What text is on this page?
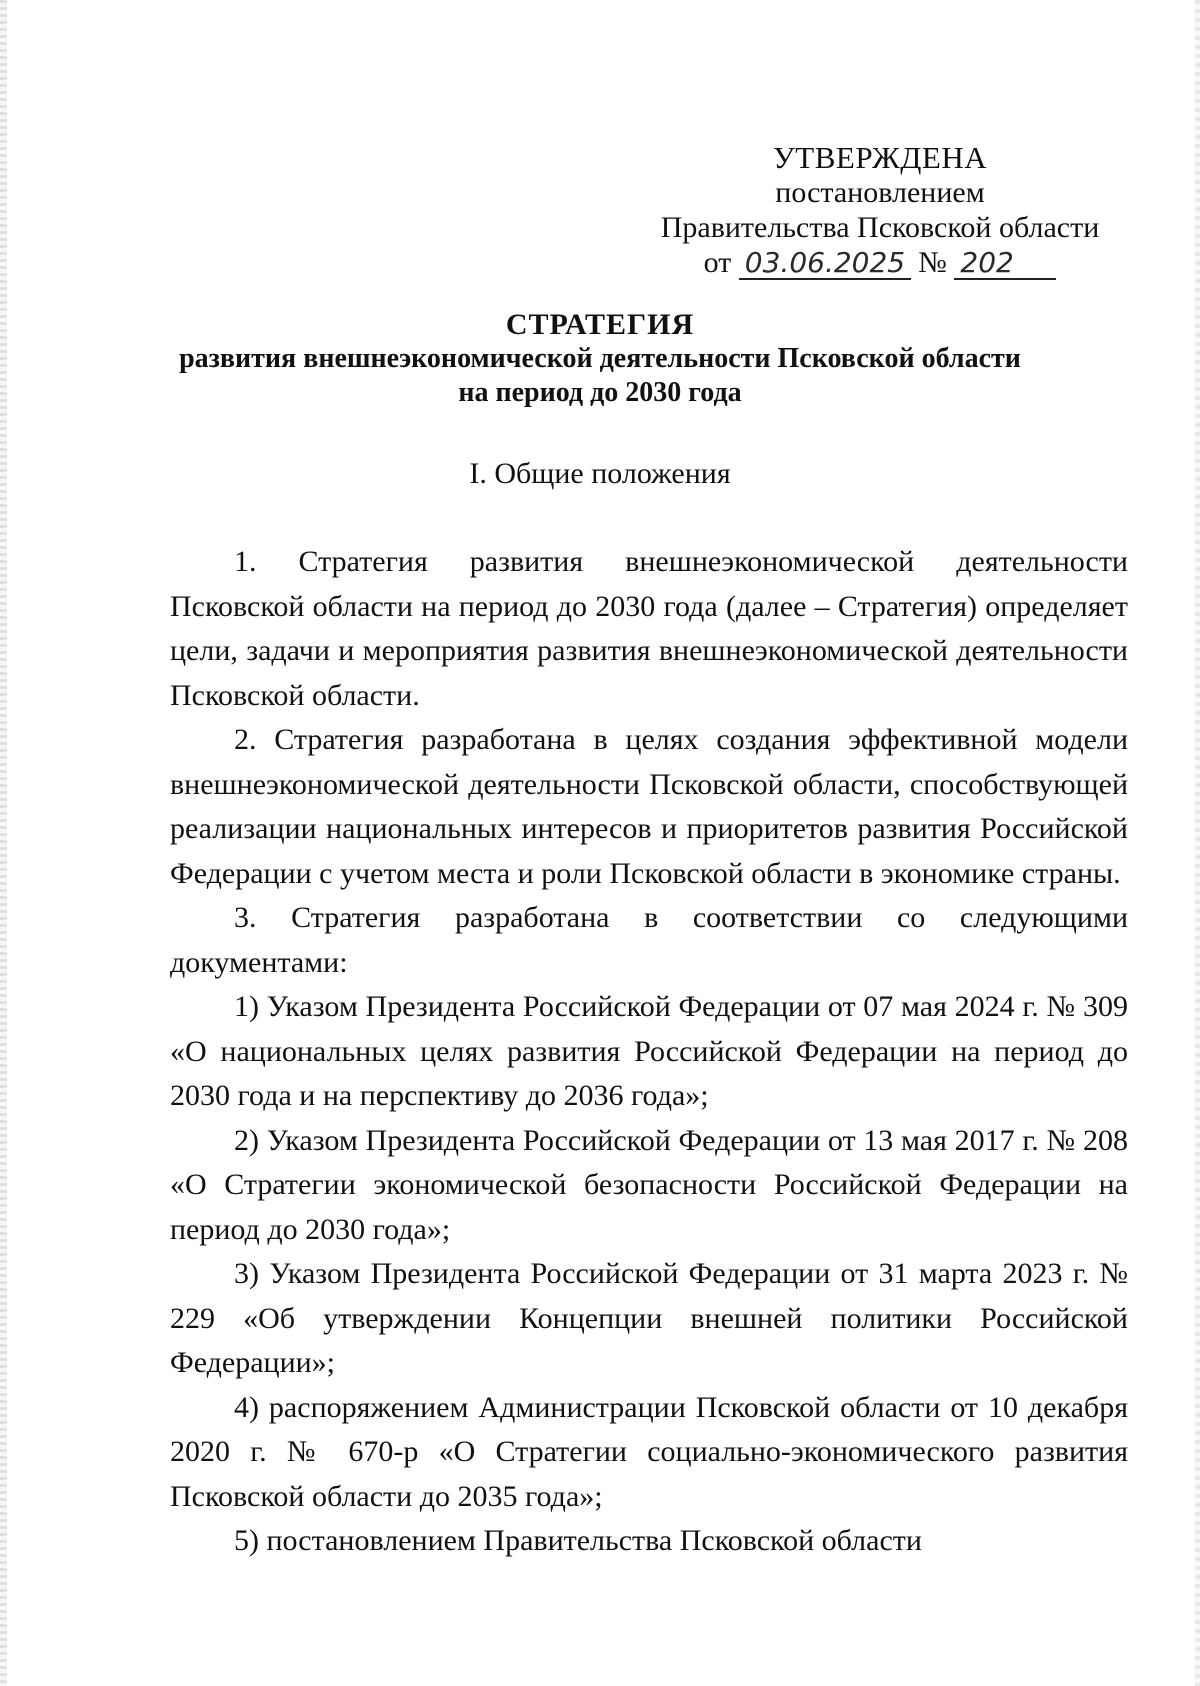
УТВЕРЖДЕНА
постановлением
Правительства Псковской области
от 03.06.2025 № 202
СТРАТЕГИЯ
развития внешнеэкономической деятельности Псковской области
на период до 2030 года
I. Общие положения

1. Стратегия развития внешнеэкономической деятельности Псковской области на период до 2030 года (далее – Стратегия) определяет цели, задачи и мероприятия развития внешнеэкономической деятельности Псковской области.

2. Стратегия разработана в целях создания эффективной модели внешнеэкономической деятельности Псковской области, способствующей реализации национальных интересов и приоритетов развития Российской Федерации с учетом места и роли Псковской области в экономике страны.

3. Стратегия разработана в соответствии со следующими документами:

1) Указом Президента Российской Федерации от 07 мая 2024 г. № 309 «О национальных целях развития Российской Федерации на период до 2030 года и на перспективу до 2036 года»;

2) Указом Президента Российской Федерации от 13 мая 2017 г. № 208 «О Стратегии экономической безопасности Российской Федерации на период до 2030 года»;

3) Указом Президента Российской Федерации от 31 марта 2023 г. № 229 «Об утверждении Концепции внешней политики Российской Федерации»;

4) распоряжением Администрации Псковской области от 10 декабря 2020 г. № 670-р «О Стратегии социально-экономического развития Псковской области до 2035 года»;

5) постановлением Правительства Псковской области
